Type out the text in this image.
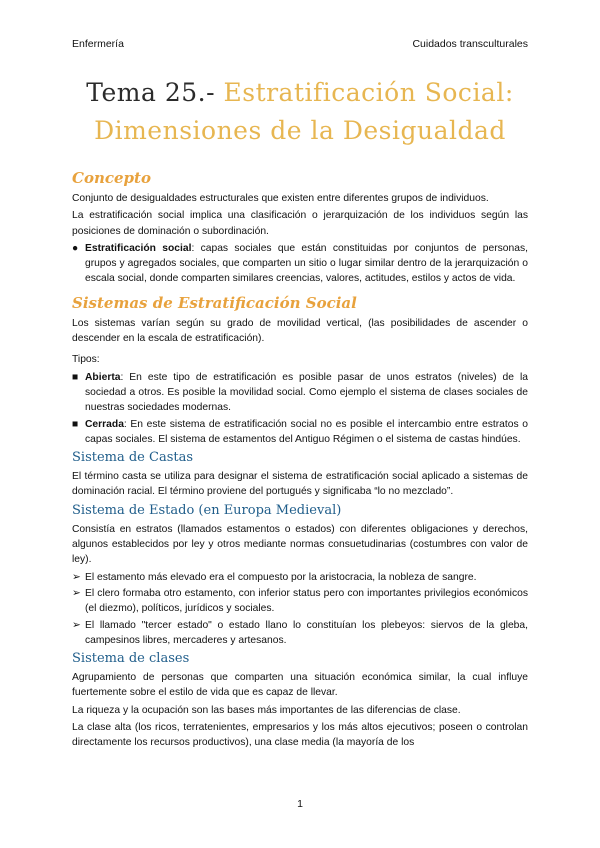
Enfermería	Cuidados transculturales
Tema 25.- Estratificación Social: Dimensiones de la Desigualdad
Concepto

Conjunto de desigualdades estructurales que existen entre diferentes grupos de individuos.

La estratificación social implica una clasificación o jerarquización de los individuos según las posiciones de dominación o subordinación.

● Estratificación social: capas sociales que están constituidas por conjuntos de personas, grupos y agregados sociales, que comparten un sitio o lugar similar dentro de la jerarquización o escala social, donde comparten similares creencias, valores, actitudes, estilos y actos de vida.
Sistemas de Estratificación Social

Los sistemas varían según su grado de movilidad vertical, (las posibilidades de ascender o descender en la escala de estratificación).

Tipos:

■ Abierta: En este tipo de estratificación es posible pasar de unos estratos (niveles) de la sociedad a otros. Es posible la movilidad social. Como ejemplo el sistema de clases sociales de nuestras sociedades modernas.
■ Cerrada: En este sistema de estratificación social no es posible el intercambio entre estratos o capas sociales. El sistema de estamentos del Antiguo Régimen o el sistema de castas hindúes.
Sistema de Castas

El término casta se utiliza para designar el sistema de estratificación social aplicado a sistemas de dominación racial. El término proviene del portugués y significaba “lo no mezclado”.

Sistema de Estado (en Europa Medieval)

Consistía en estratos (llamados estamentos o estados) con diferentes obligaciones y derechos, algunos establecidos por ley y otros mediante normas consuetudinarias (costumbres con valor de ley).

➢ El estamento más elevado era el compuesto por la aristocracia, la nobleza de sangre.
➢ El clero formaba otro estamento, con inferior status pero con importantes privilegios económicos (el diezmo), políticos, jurídicos y sociales.
➢ El llamado "tercer estado" o estado llano lo constituían los plebeyos: siervos de la gleba, campesinos libres, mercaderes y artesanos.
Sistema de clases

Agrupamiento de personas que comparten una situación económica similar, la cual influye fuertemente sobre el estilo de vida que es capaz de llevar.

La riqueza y la ocupación son las bases más importantes de las diferencias de clase.

La clase alta (los ricos, terratenientes, empresarios y los más altos ejecutivos; poseen o controlan directamente los recursos productivos), una clase media (la mayoría de los

1
